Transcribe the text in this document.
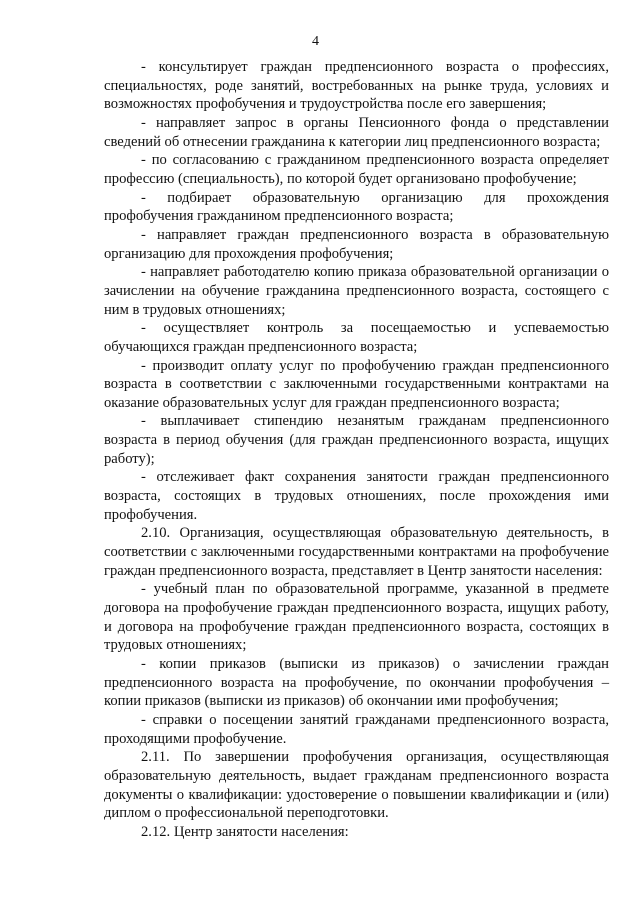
4

- консультирует граждан предпенсионного возраста о профессиях, специальностях, роде занятий, востребованных на рынке труда, условиях и возможностях профобучения и трудоустройства после его завершения;

- направляет запрос в органы Пенсионного фонда о представлении сведений об отнесении гражданина к категории лиц предпенсионного возраста;

- по согласованию с гражданином предпенсионного возраста определяет профессию (специальность), по которой будет организовано профобучение;

- подбирает образовательную организацию для прохождения профобучения гражданином предпенсионного возраста;

- направляет граждан предпенсионного возраста в образовательную организацию для прохождения профобучения;

- направляет работодателю копию приказа образовательной организации о зачислении на обучение гражданина предпенсионного возраста, состоящего с ним в трудовых отношениях;

- осуществляет контроль за посещаемостью и успеваемостью обучающихся граждан предпенсионного возраста;

- производит оплату услуг по профобучению граждан предпенсионного возраста в соответствии с заключенными государственными контрактами на оказание образовательных услуг для граждан предпенсионного возраста;

- выплачивает стипендию незанятым гражданам предпенсионного возраста в период обучения (для граждан предпенсионного возраста, ищущих работу);

- отслеживает факт сохранения занятости граждан предпенсионного возраста, состоящих в трудовых отношениях, после прохождения ими профобучения.

2.10. Организация, осуществляющая образовательную деятельность, в соответствии с заключенными государственными контрактами на профобучение граждан предпенсионного возраста, представляет в Центр занятости населения:

- учебный план по образовательной программе, указанной в предмете договора на профобучение граждан предпенсионного возраста, ищущих работу, и договора на профобучение граждан предпенсионного возраста, состоящих в трудовых отношениях;

- копии приказов (выписки из приказов) о зачислении граждан предпенсионного возраста на профобучение, по окончании профобучения – копии приказов (выписки из приказов) об окончании ими профобучения;

- справки о посещении занятий гражданами предпенсионного возраста, проходящими профобучение.

2.11. По завершении профобучения организация, осуществляющая образовательную деятельность, выдает гражданам предпенсионного возраста документы о квалификации: удостоверение о повышении квалификации и (или) диплом о профессиональной переподготовки.

2.12. Центр занятости населения:
